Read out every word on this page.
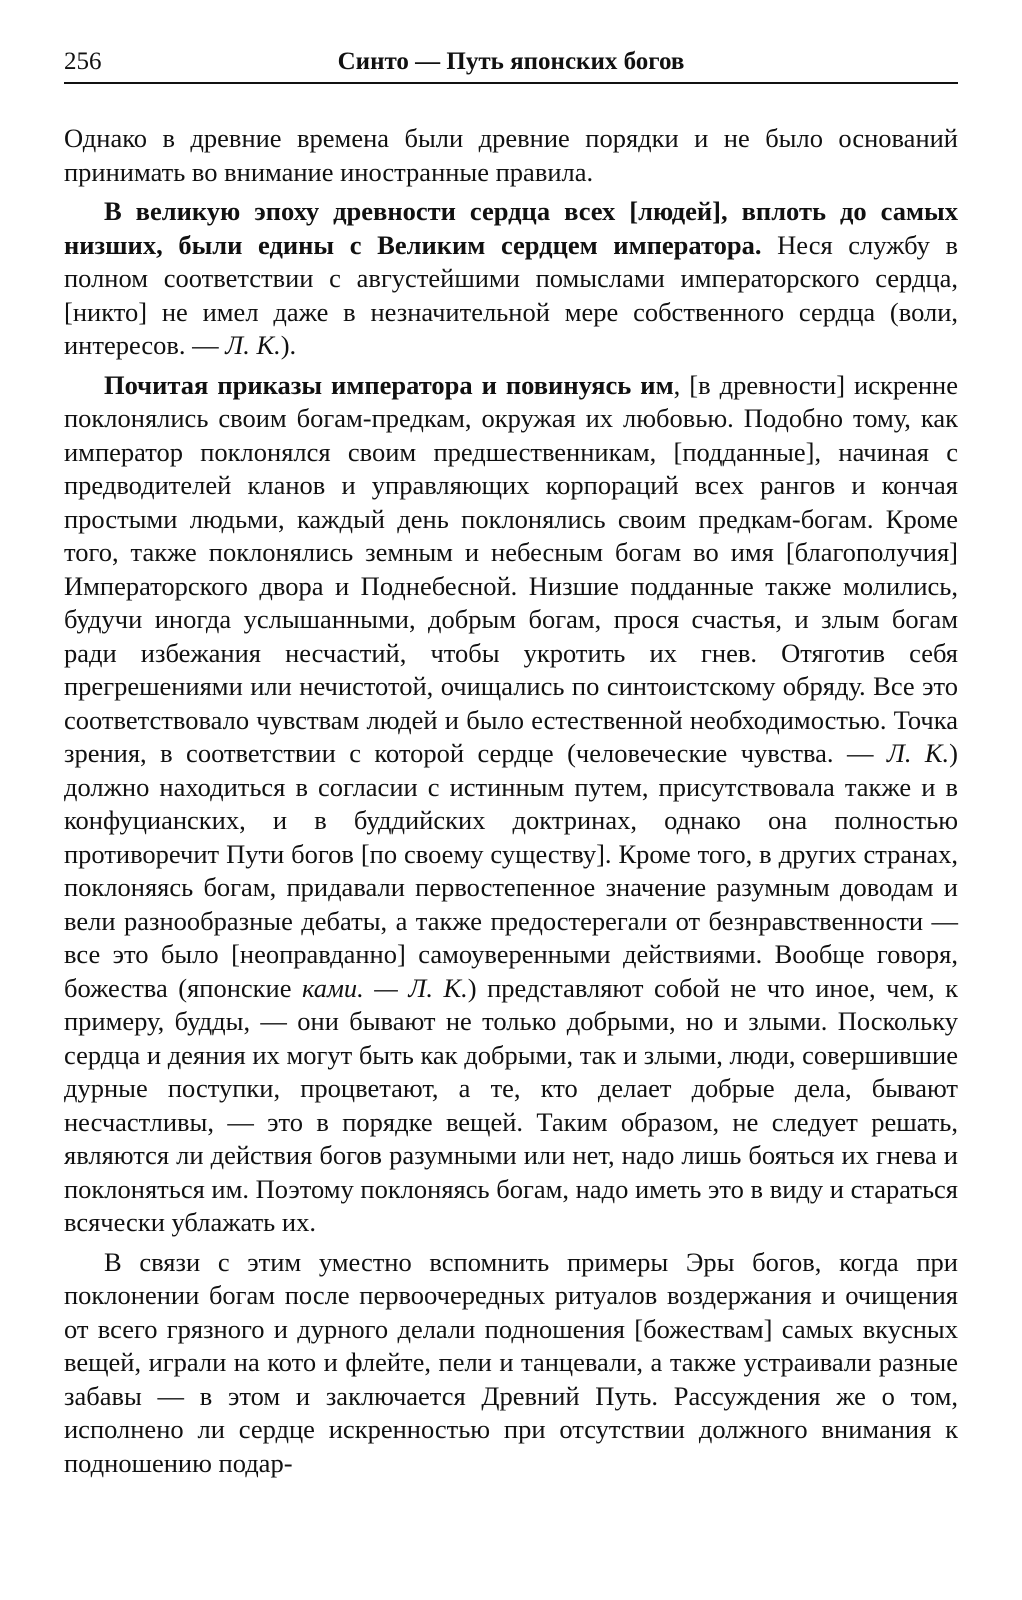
256	Синто — Путь японских богов

Однако в древние времена были древние порядки и не было оснований принимать во внимание иностранные правила.

В великую эпоху древности сердца всех [людей], вплоть до самых низших, были едины с Великим сердцем императора. Неся службу в полном соответствии с августейшими помыслами императорского сердца, [никто] не имел даже в незначительной мере собственного сердца (воли, интересов. — Л. К.).

Почитая приказы императора и повинуясь им, [в древности] искренне поклонялись своим богам-предкам, окружая их любовью. Подобно тому, как император поклонялся своим предшественникам, [подданные], начиная с предводителей кланов и управляющих корпораций всех рангов и кончая простыми людьми, каждый день поклонялись своим предкам-богам. Кроме того, также поклонялись земным и небесным богам во имя [благополучия] Императорского двора и Поднебесной. Низшие подданные также молились, будучи иногда услышанными, добрым богам, прося счастья, и злым богам ради избежания несчастий, чтобы укротить их гнев. Отяготив себя прегрешениями или нечистотой, очищались по синтоистскому обряду. Все это соответствовало чувствам людей и было естественной необходимостью. Точка зрения, в соответствии с которой сердце (человеческие чувства. — Л. К.) должно находиться в согласии с истинным путем, присутствовала также и в конфуцианских, и в буддийских доктринах, однако она полностью противоречит Пути богов [по своему существу]. Кроме того, в других странах, поклоняясь богам, придавали первостепенное значение разумным доводам и вели разнообразные дебаты, а также предостерегали от безнравственности — все это было [неоправданно] самоуверенными действиями. Вообще говоря, божества (японские ками. — Л. К.) представляют собой не что иное, чем, к примеру, будды, — они бывают не только добрыми, но и злыми. Поскольку сердца и деяния их могут быть как добрыми, так и злыми, люди, совершившие дурные поступки, процветают, а те, кто делает добрые дела, бывают несчастливы, — это в порядке вещей. Таким образом, не следует решать, являются ли действия богов разумными или нет, надо лишь бояться их гнева и поклоняться им. Поэтому поклоняясь богам, надо иметь это в виду и стараться всячески ублажать их.

В связи с этим уместно вспомнить примеры Эры богов, когда при поклонении богам после первоочередных ритуалов воздержания и очищения от всего грязного и дурного делали подношения [божествам] самых вкусных вещей, играли на кото и флейте, пели и танцевали, а также устраивали разные забавы — в этом и заключается Древний Путь. Рассуждения же о том, исполнено ли сердце искренностью при отсутствии должного внимания к подношению подар-
